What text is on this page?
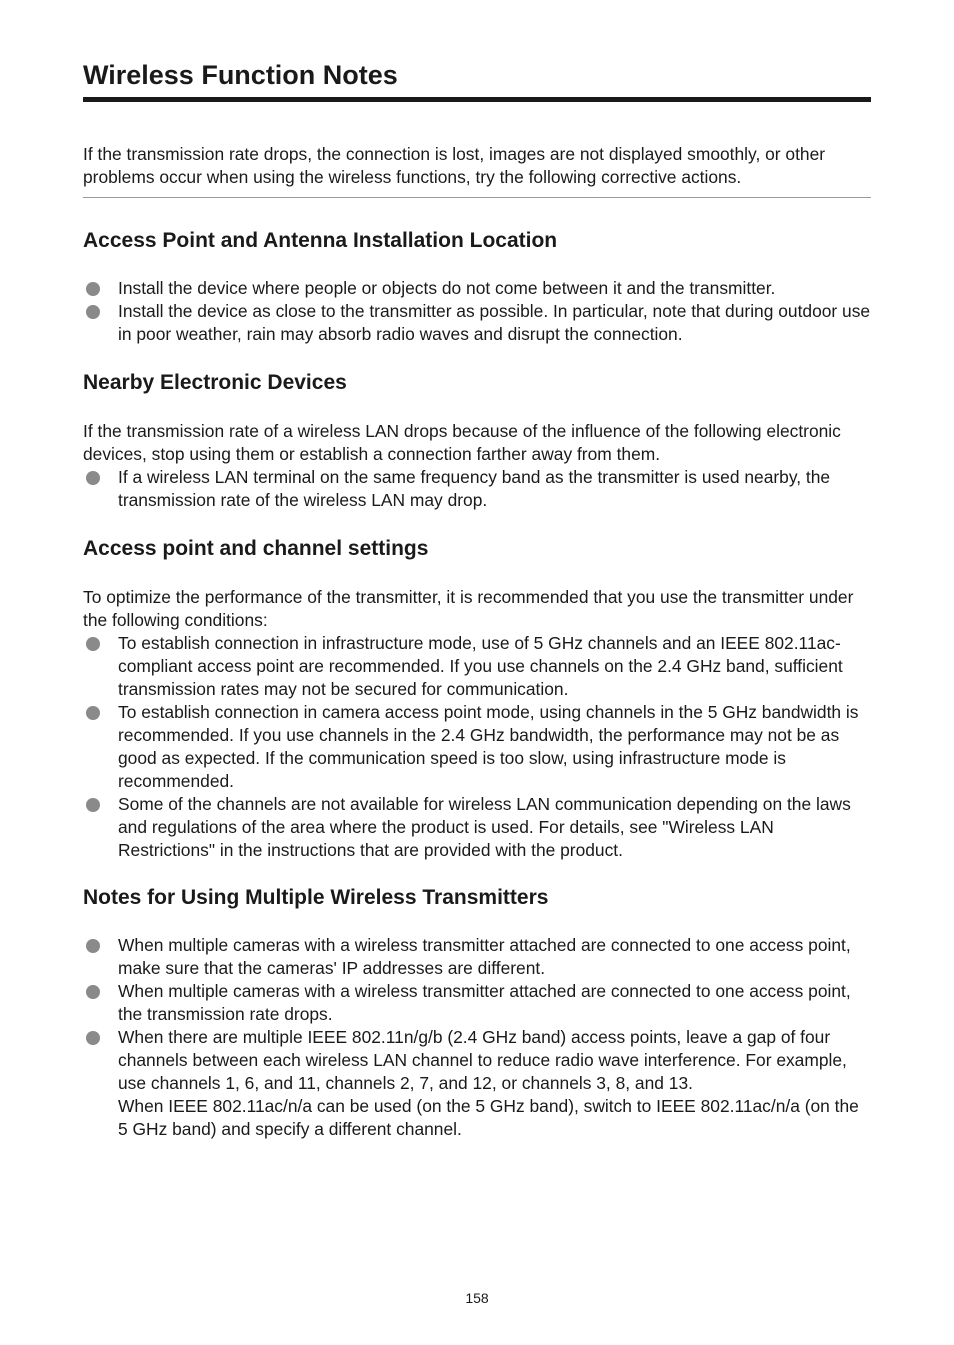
Wireless Function Notes
If the transmission rate drops, the connection is lost, images are not displayed smoothly, or other problems occur when using the wireless functions, try the following corrective actions.
Access Point and Antenna Installation Location
Install the device where people or objects do not come between it and the transmitter.
Install the device as close to the transmitter as possible. In particular, note that during outdoor use in poor weather, rain may absorb radio waves and disrupt the connection.
Nearby Electronic Devices

If the transmission rate of a wireless LAN drops because of the influence of the following electronic devices, stop using them or establish a connection farther away from them.

If a wireless LAN terminal on the same frequency band as the transmitter is used nearby, the transmission rate of the wireless LAN may drop.
Access point and channel settings

To optimize the performance of the transmitter, it is recommended that you use the transmitter under the following conditions:

To establish connection in infrastructure mode, use of 5 GHz channels and an IEEE 802.11ac-compliant access point are recommended. If you use channels on the 2.4 GHz band, sufficient transmission rates may not be secured for communication.
To establish connection in camera access point mode, using channels in the 5 GHz bandwidth is recommended. If you use channels in the 2.4 GHz bandwidth, the performance may not be as good as expected. If the communication speed is too slow, using infrastructure mode is recommended.
Some of the channels are not available for wireless LAN communication depending on the laws and regulations of the area where the product is used. For details, see "Wireless LAN Restrictions" in the instructions that are provided with the product.
Notes for Using Multiple Wireless Transmitters
When multiple cameras with a wireless transmitter attached are connected to one access point, make sure that the cameras' IP addresses are different.
When multiple cameras with a wireless transmitter attached are connected to one access point, the transmission rate drops.
When there are multiple IEEE 802.11n/g/b (2.4 GHz band) access points, leave a gap of four channels between each wireless LAN channel to reduce radio wave interference. For example, use channels 1, 6, and 11, channels 2, 7, and 12, or channels 3, 8, and 13.
When IEEE 802.11ac/n/a can be used (on the 5 GHz band), switch to IEEE 802.11ac/n/a (on the 5 GHz band) and specify a different channel.
158
